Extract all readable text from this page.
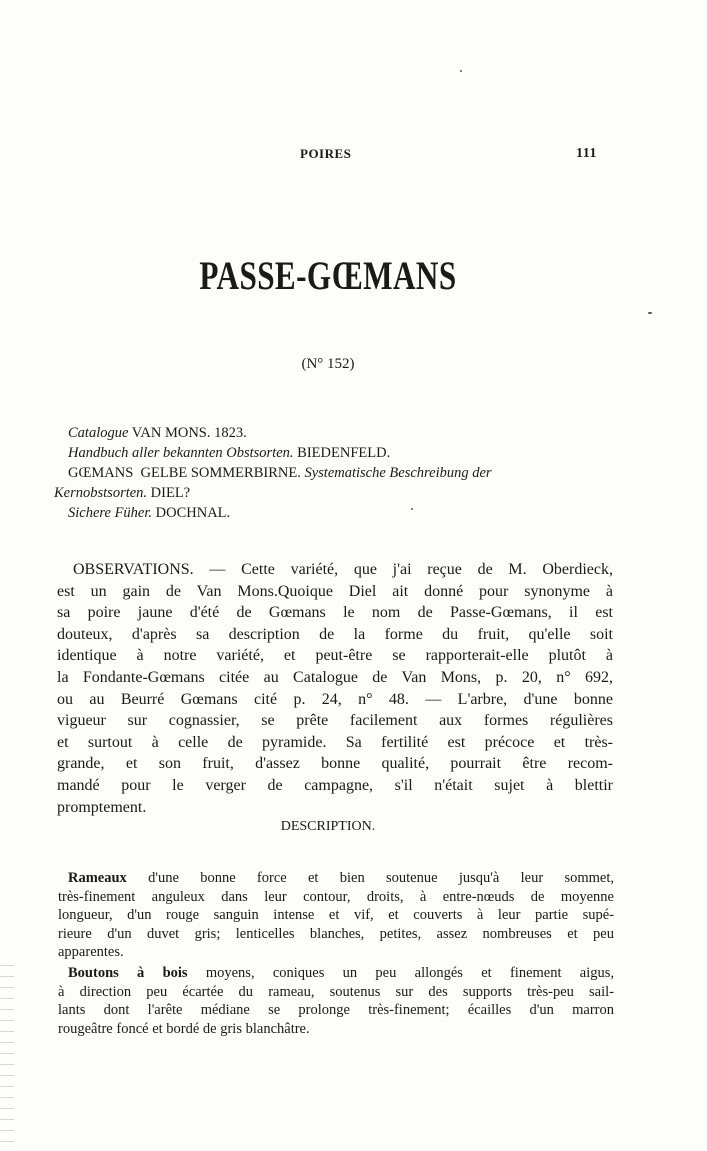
POIRES	111
PASSE-GŒMANS
(N° 152)
Catalogue VAN MONS. 1823.
Handbuch aller bekannten Obstsorten. BIEDENFELD.
GŒMANS  GELBE SOMMERBIRNE. Systematische Beschreibung der
Kernobstsorten. DIEL?
Sichere Füher. DOCHNAL.
OBSERVATIONS. — Cette variété, que j'ai reçue de M. Oberdieck,
est un gain de Van Mons.Quoique Diel ait donné pour synonyme à
sa poire jaune d'été de Gœmans le nom de Passe-Gœmans, il est
douteux, d'après sa description de la forme du fruit, qu'elle soit
identique à notre variété, et peut-être se rapporterait-elle plutôt à
la Fondante-Gœmans citée au Catalogue de Van Mons, p. 20, n° 692,
ou au Beurré Gœmans cité p. 24, n° 48. — L'arbre, d'une bonne
vigueur sur cognassier, se prête facilement aux formes régulières
et surtout à celle de pyramide. Sa fertilité est précoce et très-
grande, et son fruit, d'assez bonne qualité, pourrait être recom-
mandé pour le verger de campagne, s'il n'était sujet à blettir
promptement.
DESCRIPTION.
Rameaux d'une bonne force et bien soutenue jusqu'à leur sommet,
très-finement anguleux dans leur contour, droits, à entre-nœuds de moyenne
longueur, d'un rouge sanguin intense et vif, et couverts à leur partie supé-
rieure d'un duvet gris; lenticelles blanches, petites, assez nombreuses et peu
apparentes.
Boutons à bois moyens, coniques un peu allongés et finement aigus,
à direction peu écartée du rameau, soutenus sur des supports très-peu sail-
lants dont l'arête médiane se prolonge très-finement; écailles d'un marron
rougeâtre foncé et bordé de gris blanchâtre.
